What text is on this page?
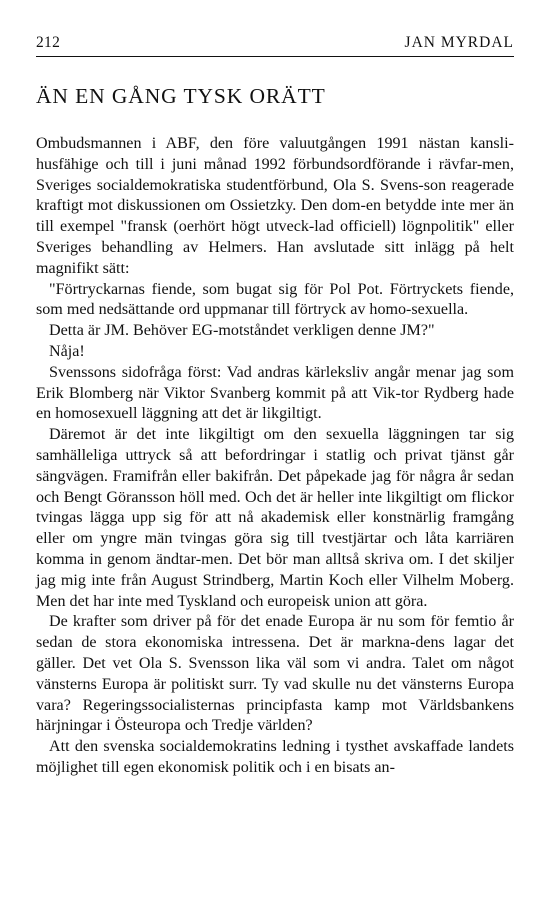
212	JAN MYRDAL
ÄN EN GÅNG TYSK ORÄTT

Ombudsmannen i ABF, den före valuutgången 1991 nästan kansli-husfähige och till i juni månad 1992 förbundsordförande i rävfar-men, Sveriges socialdemokratiska studentförbund, Ola S. Svens-son reagerade kraftigt mot diskussionen om Ossietzky. Den dom-en betydde inte mer än till exempel "fransk (oerhört högt utveck-lad officiell) lögnpolitik" eller Sveriges behandling av Helmers. Han avslutade sitt inlägg på helt magnifikt sätt:

"Förtryckarnas fiende, som bugat sig för Pol Pot. Förtryckets fiende, som med nedsättande ord uppmanar till förtryck av homo-sexuella.

Detta är JM. Behöver EG-motståndet verkligen denne JM?"

Nåja!

Svenssons sidofråga först: Vad andras kärleksliv angår menar jag som Erik Blomberg när Viktor Svanberg kommit på att Vik-tor Rydberg hade en homosexuell läggning att det är likgiltigt.

Däremot är det inte likgiltigt om den sexuella läggningen tar sig samhälleliga uttryck så att befordringar i statlig och privat tjänst går sängvägen. Framifrån eller bakifrån. Det påpekade jag för några år sedan och Bengt Göransson höll med. Och det är heller inte likgiltigt om flickor tvingas lägga upp sig för att nå akademisk eller konstnärlig framgång eller om yngre män tvingas göra sig till tvestjärtar och låta karriären komma in genom ändtar-men. Det bör man alltså skriva om. I det skiljer jag mig inte från August Strindberg, Martin Koch eller Vilhelm Moberg. Men det har inte med Tyskland och europeisk union att göra.

De krafter som driver på för det enade Europa är nu som för femtio år sedan de stora ekonomiska intressena. Det är markna-dens lagar det gäller. Det vet Ola S. Svensson lika väl som vi andra. Talet om något vänsterns Europa är politiskt surr. Ty vad skulle nu det vänsterns Europa vara? Regeringssocialisternas principfasta kamp mot Världsbankens härjningar i Östeuropa och Tredje världen?

Att den svenska socialdemokratins ledning i tysthet avskaffade landets möjlighet till egen ekonomisk politik och i en bisats an-
